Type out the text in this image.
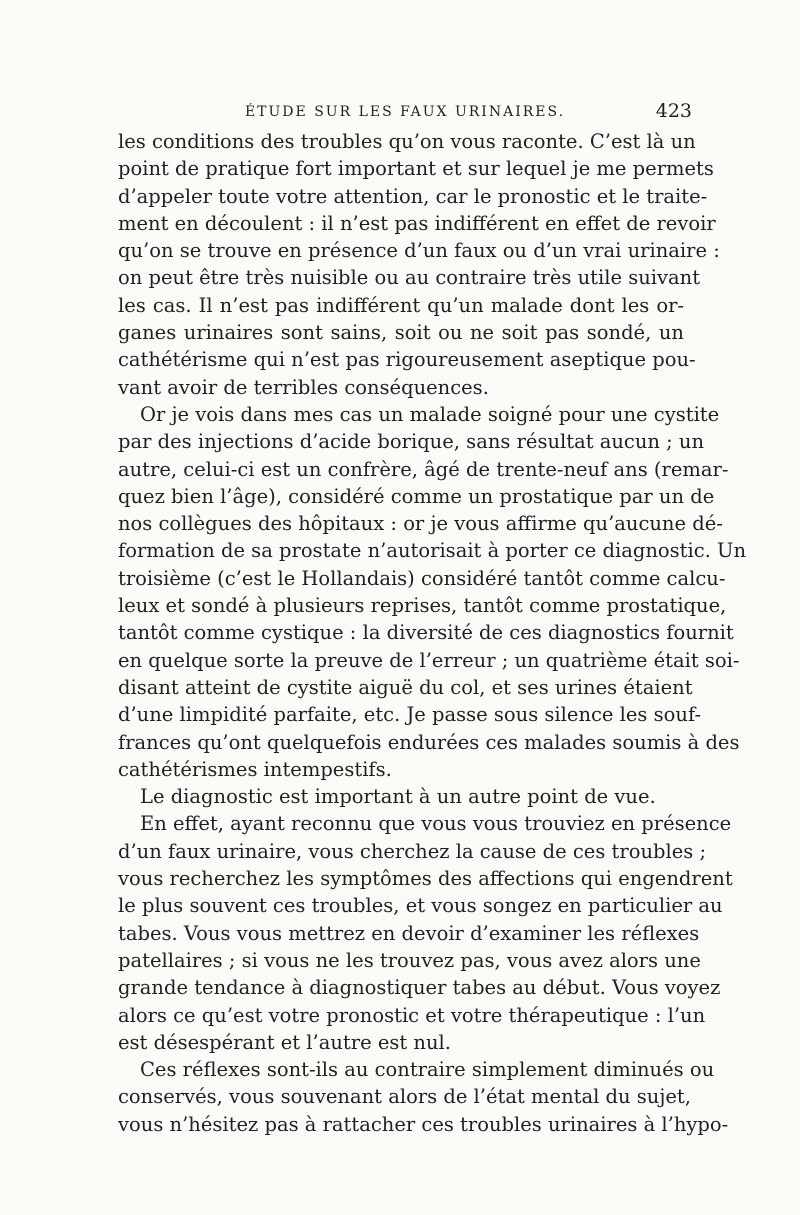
ÉTUDE SUR LES FAUX URINAIRES.	423
les conditions des troubles qu’on vous raconte. C’est là un
point de pratique fort important et sur lequel je me permets
d’appeler toute votre attention, car le pronostic et le traite-
ment en découlent : il n’est pas indifférent en effet de revoir
qu’on se trouve en présence d’un faux ou d’un vrai urinaire :
on peut être très nuisible ou au contraire très utile suivant
les cas. Il n’est pas indifférent qu’un malade dont les or-
ganes urinaires sont sains, soit ou ne soit pas sondé, un
cathétérisme qui n’est pas rigoureusement aseptique pou-
vant avoir de terribles conséquences.
Or je vois dans mes cas un malade soigné pour une cystite
par des injections d’acide borique, sans résultat aucun ; un
autre, celui-ci est un confrère, âgé de trente-neuf ans (remar-
quez bien l’âge), considéré comme un prostatique par un de
nos collègues des hôpitaux : or je vous affirme qu’aucune dé-
formation de sa prostate n’autorisait à porter ce diagnostic. Un
troisième (c’est le Hollandais) considéré tantôt comme calcu-
leux et sondé à plusieurs reprises, tantôt comme prostatique,
tantôt comme cystique : la diversité de ces diagnostics fournit
en quelque sorte la preuve de l’erreur ; un quatrième était soi-
disant atteint de cystite aiguë du col, et ses urines étaient
d’une limpidité parfaite, etc. Je passe sous silence les souf-
frances qu’ont quelquefois endurées ces malades soumis à des
cathétérismes intempestifs.
Le diagnostic est important à un autre point de vue.
En effet, ayant reconnu que vous vous trouviez en présence
d’un faux urinaire, vous cherchez la cause de ces troubles ;
vous recherchez les symptômes des affections qui engendrent
le plus souvent ces troubles, et vous songez en particulier au
tabes. Vous vous mettrez en devoir d’examiner les réflexes
patellaires ; si vous ne les trouvez pas, vous avez alors une
grande tendance à diagnostiquer tabes au début. Vous voyez
alors ce qu’est votre pronostic et votre thérapeutique : l’un
est désespérant et l’autre est nul.
Ces réflexes sont-ils au contraire simplement diminués ou
conservés, vous souvenant alors de l’état mental du sujet,
vous n’hésitez pas à rattacher ces troubles urinaires à l’hypo-
